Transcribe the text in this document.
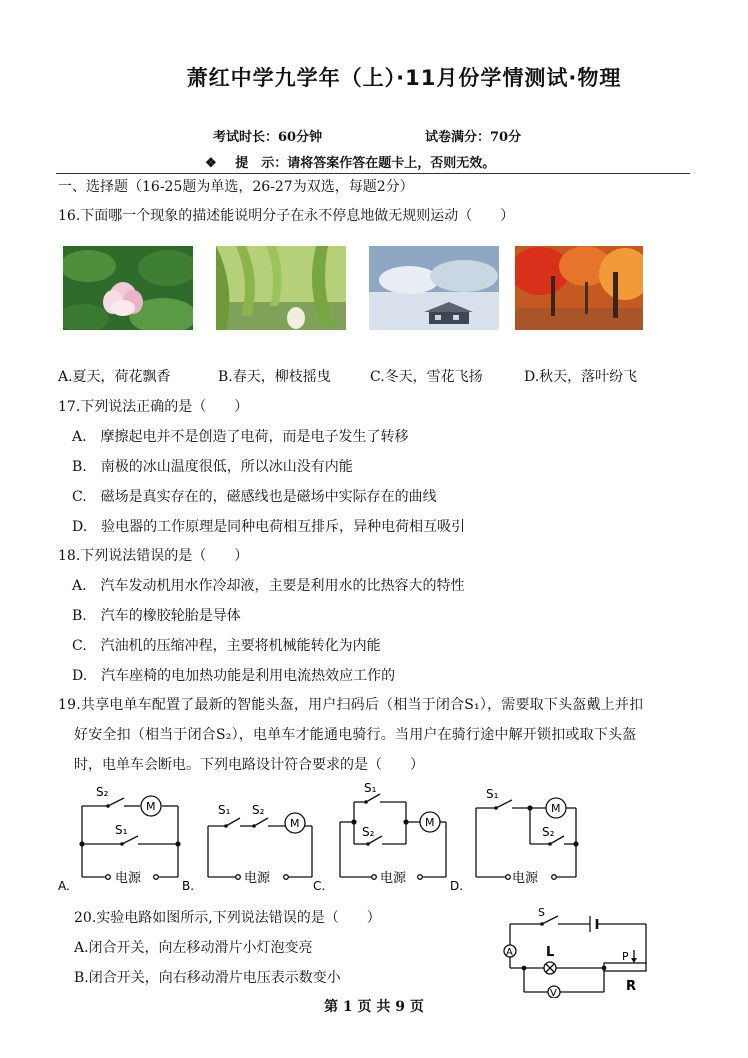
萧红中学九学年（上）·11月份学情测试·物理
考试时长：60分钟	试卷满分：70分
❖ 提　示：请将答案作答在题卡上，否则无效。
一、选择题（16-25题为单选，26-27为双选，每题2分）
16.下面哪一个现象的描述能说明分子在永不停息地做无规则运动（　　）
A.夏天，荷花飘香	B.春天，柳枝摇曳	C.冬天，雪花飞扬	D.秋天，落叶纷飞
17.下列说法正确的是（　　）
A.　摩擦起电并不是创造了电荷，而是电子发生了转移
B.　南极的冰山温度很低，所以冰山没有内能
C.　磁场是真实存在的，磁感线也是磁场中实际存在的曲线
D.　验电器的工作原理是同种电荷相互排斥，异种电荷相互吸引
18.下列说法错误的是（　　）
A.　汽车发动机用水作冷却液，主要是利用水的比热容大的特性
B.　汽车的橡胶轮胎是导体
C.　汽油机的压缩冲程，主要将机械能转化为内能
D.　汽车座椅的电加热功能是利用电流热效应工作的
19.共享电单车配置了最新的智能头盔，用户扫码后（相当于闭合S₁），需要取下头盔戴上并扣
好安全扣（相当于闭合S₂），电单车才能通电骑行。当用户在骑行途中解开锁扣或取下头盔
时，电单车会断电。下列电路设计符合要求的是（　　）
S₂
S₁
M
电源
A.
S₁ S₂
M
电源
B.
S₁
S₂
M
电源
C.
S₁
S₂
M
电源
D.
20.实验电路如图所示,下列说法错误的是（　　）
A.闭合开关，向左移动滑片小灯泡变亮
B.闭合开关，向右移动滑片电压表示数变小
S
A	L
V
P
R
第 1 页 共 9 页
